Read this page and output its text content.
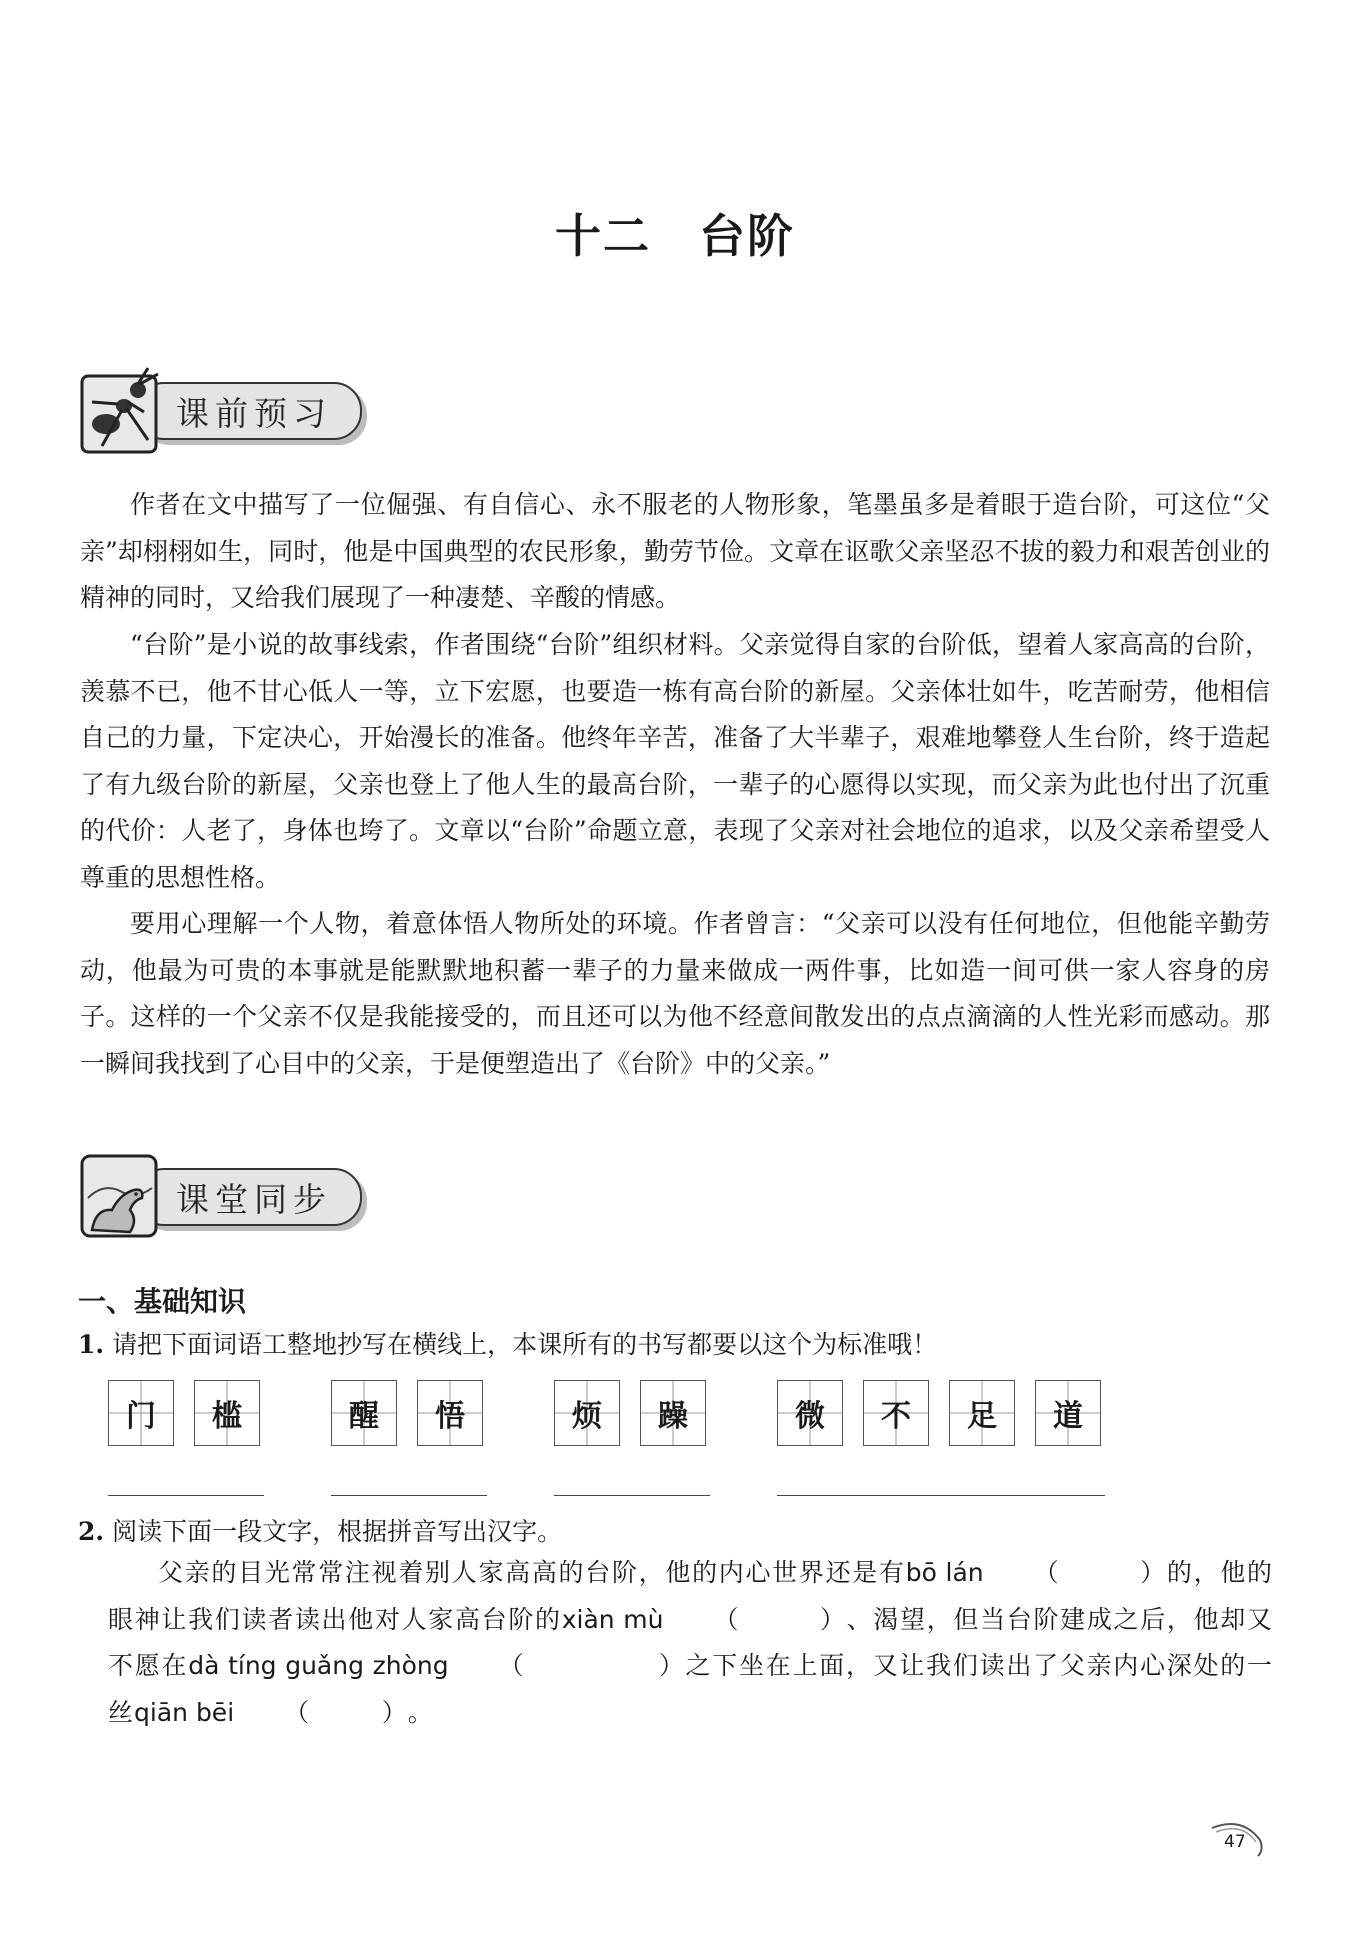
十二 台阶
课前预习

作者在文中描写了一位倔强、有自信心、永不服老的人物形象，笔墨虽多是着眼于造台阶，可这位“父亲”却栩栩如生，同时，他是中国典型的农民形象，勤劳节俭。文章在讴歌父亲坚忍不拔的毅力和艰苦创业的精神的同时，又给我们展现了一种凄楚、辛酸的情感。

“台阶”是小说的故事线索，作者围绕“台阶”组织材料。父亲觉得自家的台阶低，望着人家高高的台阶，羡慕不已，他不甘心低人一等，立下宏愿，也要造一栋有高台阶的新屋。父亲体壮如牛，吃苦耐劳，他相信自己的力量，下定决心，开始漫长的准备。他终年辛苦，准备了大半辈子，艰难地攀登人生台阶，终于造起了有九级台阶的新屋，父亲也登上了他人生的最高台阶，一辈子的心愿得以实现，而父亲为此也付出了沉重的代价：人老了，身体也垮了。文章以“台阶”命题立意，表现了父亲对社会地位的追求，以及父亲希望受人尊重的思想性格。

要用心理解一个人物，着意体悟人物所处的环境。作者曾言：“父亲可以没有任何地位，但他能辛勤劳动，他最为可贵的本事就是能默默地积蓄一辈子的力量来做成一两件事，比如造一间可供一家人容身的房子。这样的一个父亲不仅是我能接受的，而且还可以为他不经意间散发出的点点滴滴的人性光彩而感动。那一瞬间我找到了心目中的父亲，于是便塑造出了《台阶》中的父亲。”

课堂同步
一、基础知识
1. 请把下面词语工整地抄写在横线上，本课所有的书写都要以这个为标准哦！
门	槛	醒	悟	烦	躁	微	不	足	道
2. 阅读下面一段文字，根据拼音写出汉字。

父亲的目光常常注视着别人家高高的台阶，他的内心世界还是有bō lán （         ）的，他的眼神让我们读者读出他对人家高台阶的xiàn mù （         ）、渴望，但当台阶建成之后，他却又不愿在dà tíng guǎng zhòng （               ）之下坐在上面，又让我们读出了父亲内心深处的一丝qiān bēi （        ）。

47
